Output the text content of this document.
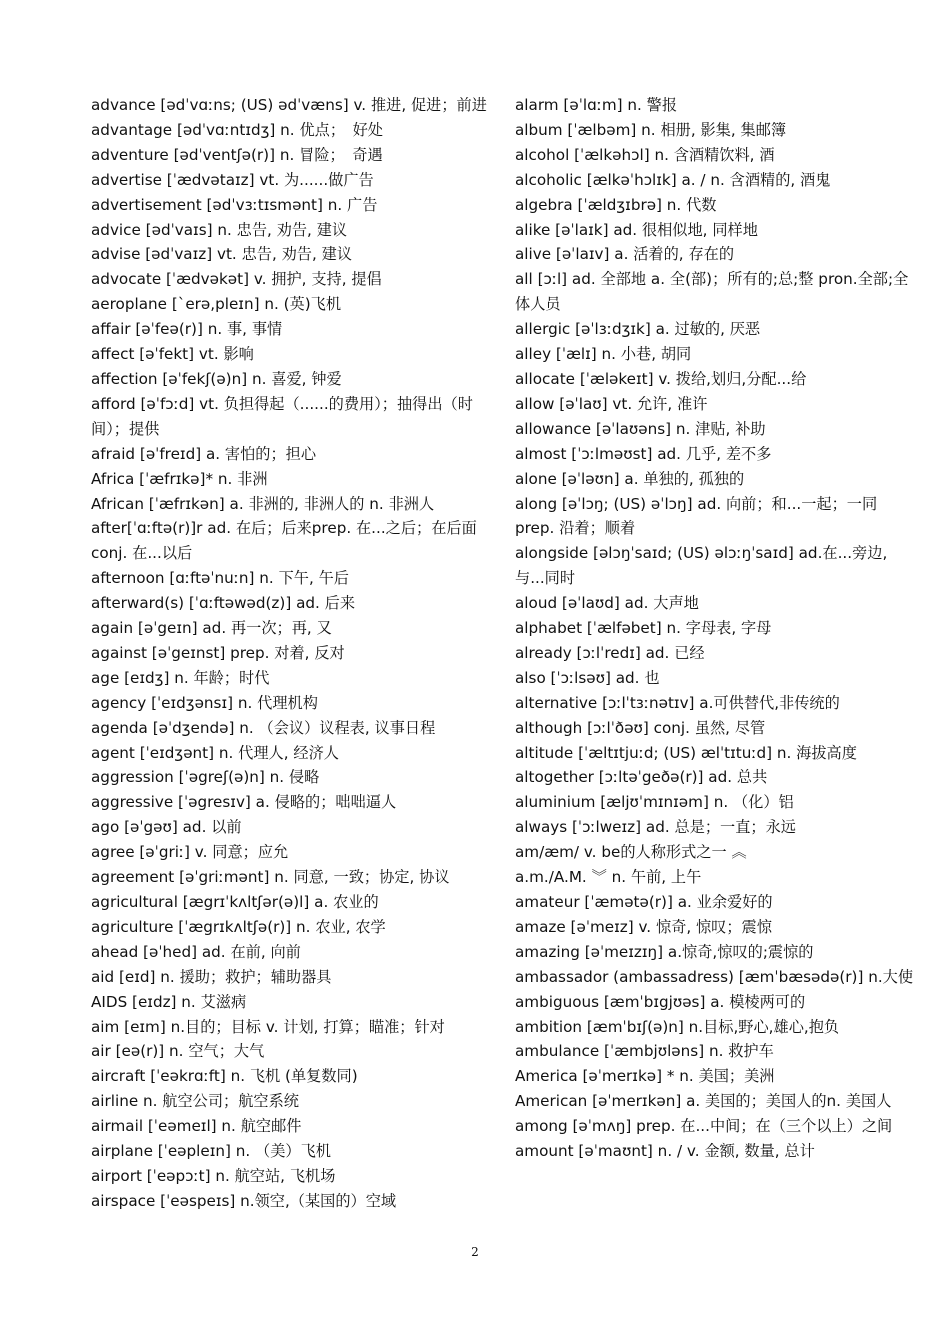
advance [ədˈvɑːns; (US) ədˈvæns] v. 推进, 促进；前进

advantage [ədˈvɑːntɪdʒ] n. 优点；　好处

adventure [ədˈventʃə(r)] n. 冒险；　奇遇

advertise [ˈædvətaɪz] vt. 为......做广告

advertisement [ədˈvɜːtɪsmənt] n. 广告

advice [ədˈvaɪs] n. 忠告, 劝告, 建议

advise [ədˈvaɪz] vt. 忠告, 劝告, 建议

advocate [ˈædvəkət] v. 拥护, 支持, 提倡

aeroplane [ˋerə,pleɪn] n. (英)飞机

affair [əˈfeə(r)] n. 事, 事情

affect [əˈfekt] vt. 影响

affection [əˈfekʃ(ə)n] n. 喜爱, 钟爱

afford [əˈfɔːd] vt. 负担得起（......的费用）；抽得出（时间）；提供

afraid [əˈfreɪd] a. 害怕的；担心

Africa [ˈæfrɪkə]* n. 非洲

African [ˈæfrɪkən] a. 非洲的, 非洲人的 n. 非洲人

after[ˈɑːftə(r)]r ad. 在后；后来prep. 在...之后；在后面 conj. 在...以后

afternoon [ɑːftəˈnuːn] n. 下午, 午后

afterward(s) [ˈɑːftəwəd(z)] ad. 后来

again [əˈgeɪn] ad. 再一次；再, 又

against [əˈgeɪnst] prep. 对着, 反对

age [eɪdʒ] n. 年龄；时代

agency [ˈeɪdʒənsɪ] n. 代理机构

agenda [əˈdʒendə] n. （会议）议程表, 议事日程

agent [ˈeɪdʒənt] n. 代理人, 经济人

aggression [ˈəgreʃ(ə)n] n. 侵略

aggressive [ˈəgresɪv] a. 侵略的；咄咄逼人

ago [əˈgəʊ] ad. 以前

agree [əˈgriː] v. 同意；应允

agreement [əˈgriːmənt] n. 同意, 一致；协定, 协议

agricultural [ægrɪˈkʌltʃər(ə)l] a. 农业的

agriculture [ˈægrɪkʌltʃə(r)] n. 农业, 农学

ahead [əˈhed] ad. 在前, 向前

aid [eɪd] n. 援助；救护；辅助器具

AIDS [eɪdz] n. 艾滋病

aim [eɪm] n.目的；目标 v. 计划, 打算；瞄准；针对

air [eə(r)] n. 空气；大气

aircraft [ˈeəkrɑːft] n. 飞机 (单复数同)

airline n. 航空公司；航空系统

airmail [ˈeəmeɪl] n. 航空邮件

airplane [ˈeəpleɪn] n. （美）飞机

airport [ˈeəpɔːt] n. 航空站, 飞机场

airspace [ˈeəspeɪs] n.领空,（某国的）空域

alarm [əˈlɑːm] n. 警报

album [ˈælbəm] n. 相册, 影集, 集邮簿

alcohol [ˈælkəhɔl] n. 含酒精饮料, 酒

alcoholic [ælkəˈhɔlɪk] a. / n. 含酒精的, 酒鬼

algebra [ˈældʒɪbrə] n. 代数

alike [əˈlaɪk] ad. 很相似地, 同样地

alive [əˈlaɪv] a. 活着的, 存在的

all [ɔːl] ad. 全部地 a. 全(部)；所有的;总;整 pron.全部;全体人员

allergic [əˈlɜːdʒɪk] a. 过敏的, 厌恶

alley [ˈælɪ] n. 小巷, 胡同

allocate [ˈæləkeɪt] v. 拨给,划归,分配...给

allow [əˈlaʊ] vt. 允许, 准许

allowance [əˈlaʊəns] n. 津贴, 补助

almost [ˈɔːlməʊst] ad. 几乎, 差不多

alone [əˈləʊn] a. 单独的, 孤独的

along [əˈlɔŋ; (US) əˈlɔŋ] ad. 向前；和...一起；一同 prep. 沿着；顺着

alongside [əlɔŋˈsaɪd; (US) əlɔːŋˈsaɪd] ad.在...旁边,与...同时

aloud [əˈlaʊd] ad. 大声地

alphabet [ˈælfəbet] n. 字母表, 字母

already [ɔːlˈredɪ] ad. 已经

also [ˈɔːlsəʊ] ad. 也

alternative [ɔːlˈtɜːnətɪv] a.可供替代,非传统的

although [ɔːlˈðəʊ] conj. 虽然, 尽管

altitude [ˈæltɪtjuːd; (US) ælˈtɪtuːd] n. 海拔高度

altogether [ɔːltəˈgeðə(r)] ad. 总共

aluminium [æljʊˈmɪnɪəm] n. （化）铝

always [ˈɔːlweɪz] ad. 总是；一直；永远

am/æm/ v. be的人称形式之一 ︽

a.m./A.M. ︾ n. 午前, 上午

amateur [ˈæmətə(r)] a. 业余爱好的

amaze [əˈmeɪz] v. 惊奇, 惊叹；震惊

amazing [əˈmeɪzɪŋ] a.惊奇,惊叹的;震惊的

ambassador (ambassadress) [æmˈbæsədə(r)] n.大使

ambiguous [æmˈbɪgjʊəs] a. 模棱两可的

ambition [æmˈbɪʃ(ə)n] n.目标,野心,雄心,抱负

ambulance [ˈæmbjʊləns] n. 救护车

America [əˈmerɪkə] * n. 美国；美洲

American [əˈmerɪkən] a. 美国的；美国人的n. 美国人

among [əˈmʌŋ] prep. 在...中间；在（三个以上）之间

amount [əˈmaʊnt] n. / v. 金额, 数量, 总计

2
